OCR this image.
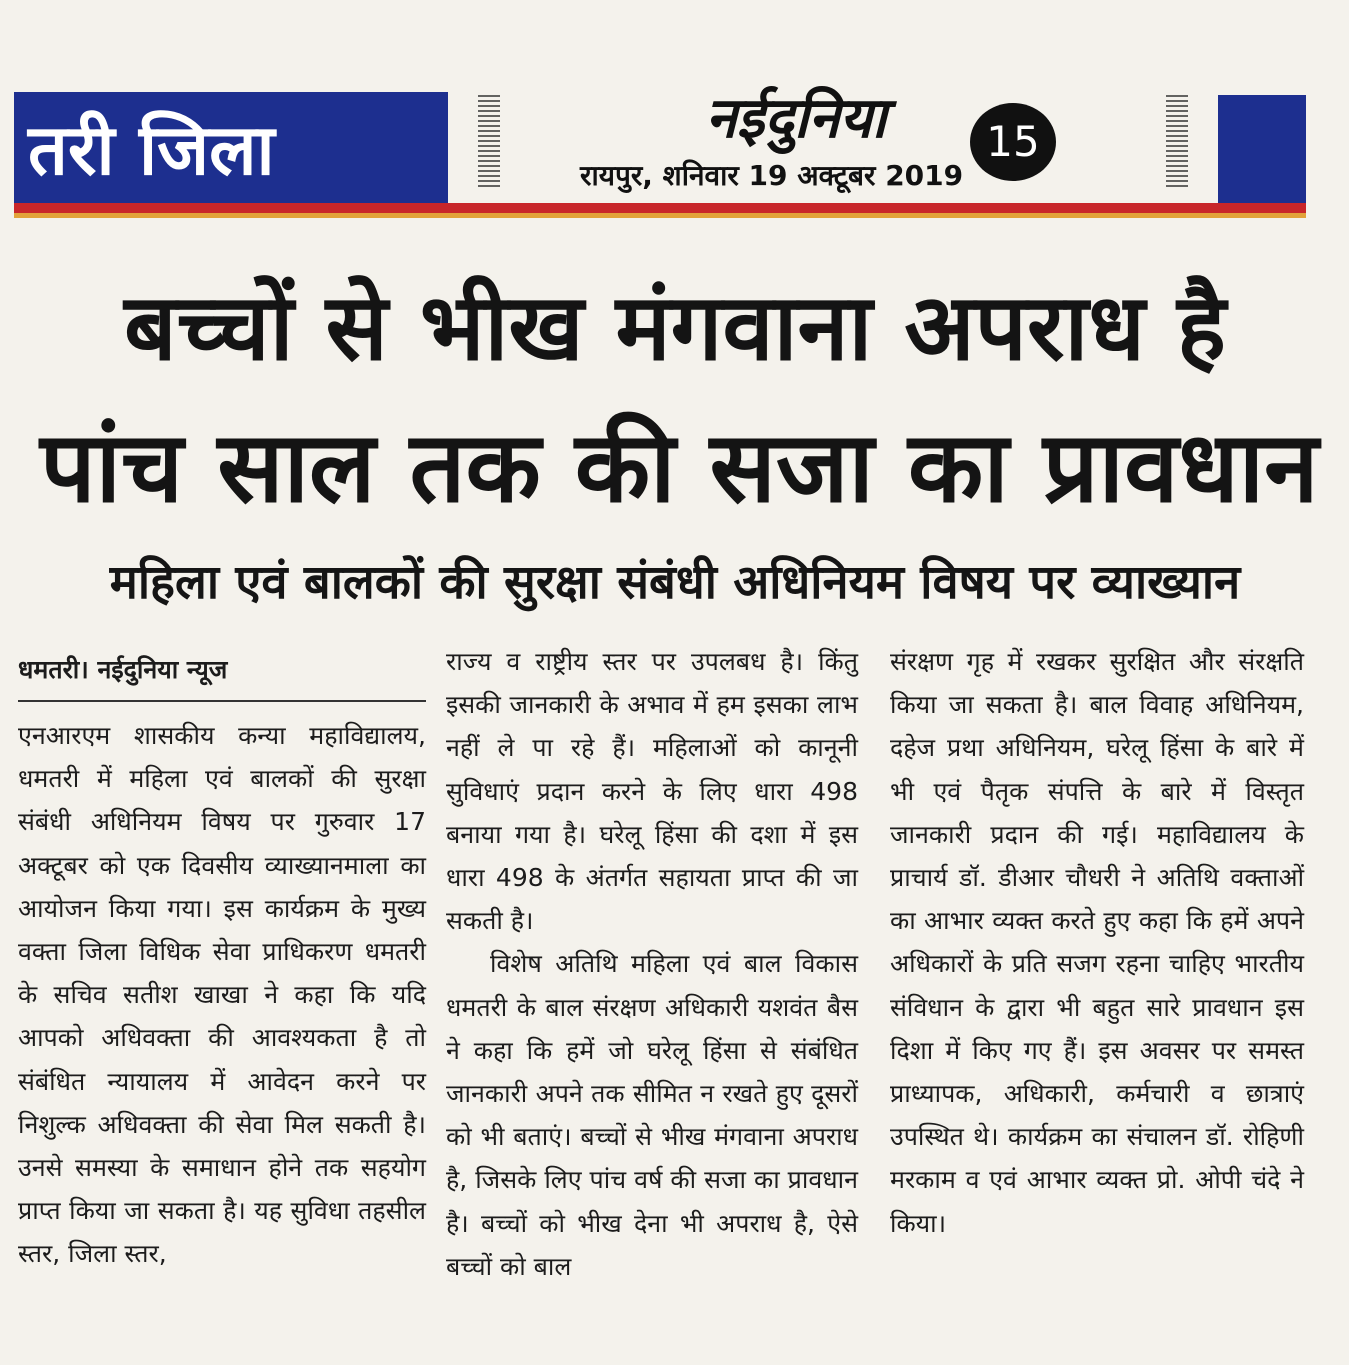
तरी जिला	नईदुनिया
रायपुर, शनिवार 19 अक्टूबर 2019
15
बच्चों से भीख मंगवाना अपराध है
पांच साल तक की सजा का प्रावधान
महिला एवं बालकों की सुरक्षा संबंधी अधिनियम विषय पर व्याख्यान
धमतरी। नईदुनिया न्यूज

एनआरएम शासकीय कन्या महाविद्यालय, धमतरी में महिला एवं बालकों की सुरक्षा संबंधी अधिनियम विषय पर गुरुवार 17 अक्टूबर को एक दिवसीय व्याख्यानमाला का आयोजन किया गया। इस कार्यक्रम के मुख्य वक्ता जिला विधिक सेवा प्राधिकरण धमतरी के सचिव सतीश खाखा ने कहा कि यदि आपको अधिवक्ता की आवश्यकता है तो संबंधित न्यायालय में आवेदन करने पर निशुल्क अधिवक्ता की सेवा मिल सकती है। उनसे समस्या के समाधान होने तक सहयोग प्राप्त किया जा सकता है। यह सुविधा तहसील स्तर, जिला स्तर,

राज्य व राष्ट्रीय स्तर पर उपलबध है। किंतु इसकी जानकारी के अभाव में हम इसका लाभ नहीं ले पा रहे हैं। महिलाओं को कानूनी सुविधाएं प्रदान करने के लिए धारा 498 बनाया गया है। घरेलू हिंसा की दशा में इस धारा 498 के अंतर्गत सहायता प्राप्त की जा सकती है।

विशेष अतिथि महिला एवं बाल विकास धमतरी के बाल संरक्षण अधिकारी यशवंत बैस ने कहा कि हमें जो घरेलू हिंसा से संबंधित जानकारी अपने तक सीमित न रखते हुए दूसरों को भी बताएं। बच्चों से भीख मंगवाना अपराध है, जिसके लिए पांच वर्ष की सजा का प्रावधान है। बच्चों को भीख देना भी अपराध है, ऐसे बच्चों को बाल

संरक्षण गृह में रखकर सुरक्षित और संरक्षति किया जा सकता है। बाल विवाह अधिनियम, दहेज प्रथा अधिनियम, घरेलू हिंसा के बारे में भी एवं पैतृक संपत्ति के बारे में विस्तृत जानकारी प्रदान की गई। महाविद्यालय के प्राचार्य डॉ. डीआर चौधरी ने अतिथि वक्ताओं का आभार व्यक्त करते हुए कहा कि हमें अपने अधिकारों के प्रति सजग रहना चाहिए भारतीय संविधान के द्वारा भी बहुत सारे प्रावधान इस दिशा में किए गए हैं। इस अवसर पर समस्त प्राध्यापक, अधिकारी, कर्मचारी व छात्राएं उपस्थित थे। कार्यक्रम का संचालन डॉ. रोहिणी मरकाम व एवं आभार व्यक्त प्रो. ओपी चंदे ने किया।
